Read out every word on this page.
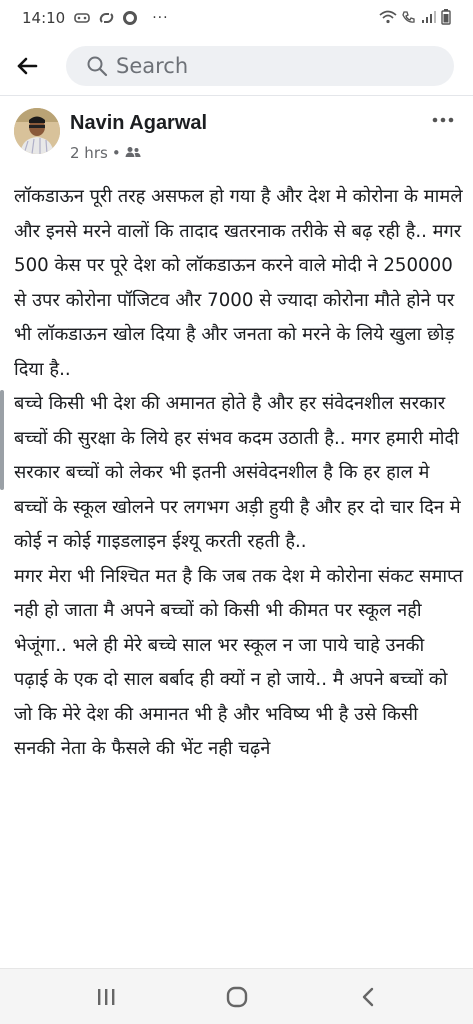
14:10	···
Search
Navin Agarwal
2 hrs •

लॉकडाऊन पूरी तरह असफल हो गया है और देश मे कोरोना के मामले और इनसे मरने वालों कि तादाद खतरनाक तरीके से बढ़ रही है.. मगर 500 केस पर पूरे देश को लॉकडाऊन करने वाले मोदी ने 250000 से उपर कोरोना पॉजिटव और 7000 से ज्यादा कोरोना मौते होने पर भी लॉकडाऊन खोल दिया है और जनता को मरने के लिये खुला छोड़ दिया है..

बच्चे किसी भी देश की अमानत होते है और हर संवेदनशील सरकार बच्चों की सुरक्षा के लिये हर संभव कदम उठाती है.. मगर हमारी मोदी सरकार बच्चों को लेकर भी इतनी असंवेदनशील है कि हर हाल मे बच्चों के स्कूल खोलने पर लगभग अड़ी हुयी है और हर दो चार दिन मे कोई न कोई गाइडलाइन ईश्यू करती रहती है..

मगर मेरा भी निश्चित मत है कि जब तक देश मे कोरोना संकट समाप्त नही हो जाता मै अपने बच्चों को किसी भी कीमत पर स्कूल नही भेजूंगा.. भले ही मेरे बच्चे साल भर स्कूल न जा पाये चाहे उनकी पढ़ाई के एक दो साल बर्बाद ही क्यों न हो जाये.. मै अपने बच्चों को जो कि मेरे देश की अमानत भी है और भविष्य भी है उसे किसी सनकी नेता के फैसले की भेंट नही चढ़ने
